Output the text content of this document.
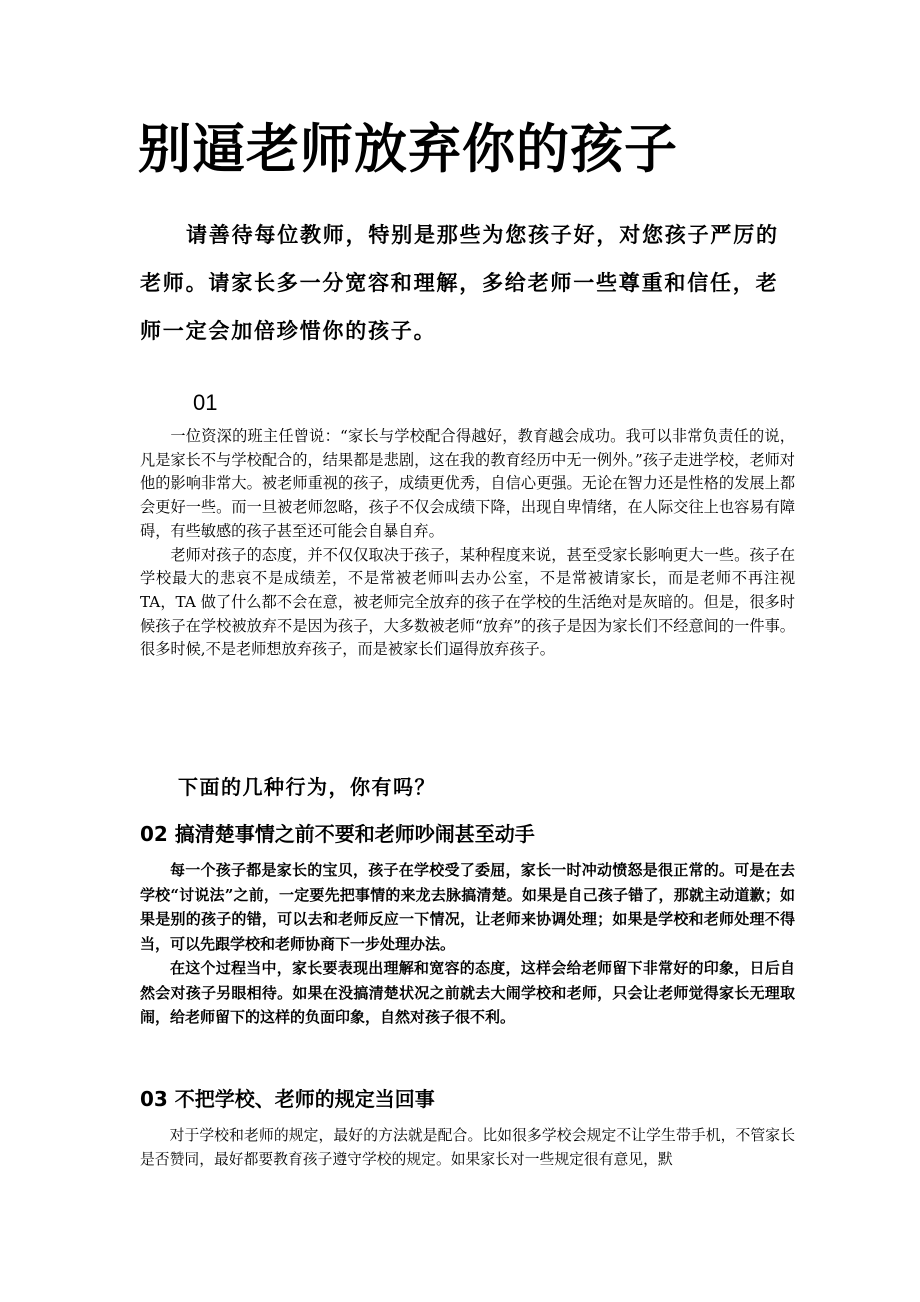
别逼老师放弃你的孩子

请善待每位教师，特别是那些为您孩子好，对您孩子严厉的老师。请家长多一分宽容和理解，多给老师一些尊重和信任，老师一定会加倍珍惜你的孩子。

01

一位资深的班主任曾说：“家长与学校配合得越好，教育越会成功。我可以非常负责任的说，凡是家长不与学校配合的，结果都是悲剧，这在我的教育经历中无一例外。”孩子走进学校，老师对他的影响非常大。被老师重视的孩子，成绩更优秀，自信心更强。无论在智力还是性格的发展上都会更好一些。而一旦被老师忽略，孩子不仅会成绩下降，出现自卑情绪，在人际交往上也容易有障碍，有些敏感的孩子甚至还可能会自暴自弃。

老师对孩子的态度，并不仅仅取决于孩子，某种程度来说，甚至受家长影响更大一些。孩子在学校最大的悲哀不是成绩差，不是常被老师叫去办公室，不是常被请家长，而是老师不再注视 TA，TA 做了什么都不会在意，被老师完全放弃的孩子在学校的生活绝对是灰暗的。但是，很多时候孩子在学校被放弃不是因为孩子，大多数被老师“放弃”的孩子是因为家长们不经意间的一件事。很多时候,不是老师想放弃孩子，而是被家长们逼得放弃孩子。

下面的几种行为，你有吗？
02 搞清楚事情之前不要和老师吵闹甚至动手

每一个孩子都是家长的宝贝，孩子在学校受了委屈，家长一时冲动愤怒是很正常的。可是在去学校“讨说法”之前，一定要先把事情的来龙去脉搞清楚。如果是自己孩子错了，那就主动道歉；如果是别的孩子的错，可以去和老师反应一下情况，让老师来协调处理；如果是学校和老师处理不得当，可以先跟学校和老师协商下一步处理办法。

在这个过程当中，家长要表现出理解和宽容的态度，这样会给老师留下非常好的印象，日后自然会对孩子另眼相待。如果在没搞清楚状况之前就去大闹学校和老师，只会让老师觉得家长无理取闹，给老师留下的这样的负面印象，自然对孩子很不利。

03 不把学校、老师的规定当回事

对于学校和老师的规定，最好的方法就是配合。比如很多学校会规定不让学生带手机，不管家长是否赞同，最好都要教育孩子遵守学校的规定。如果家长对一些规定很有意见，默
